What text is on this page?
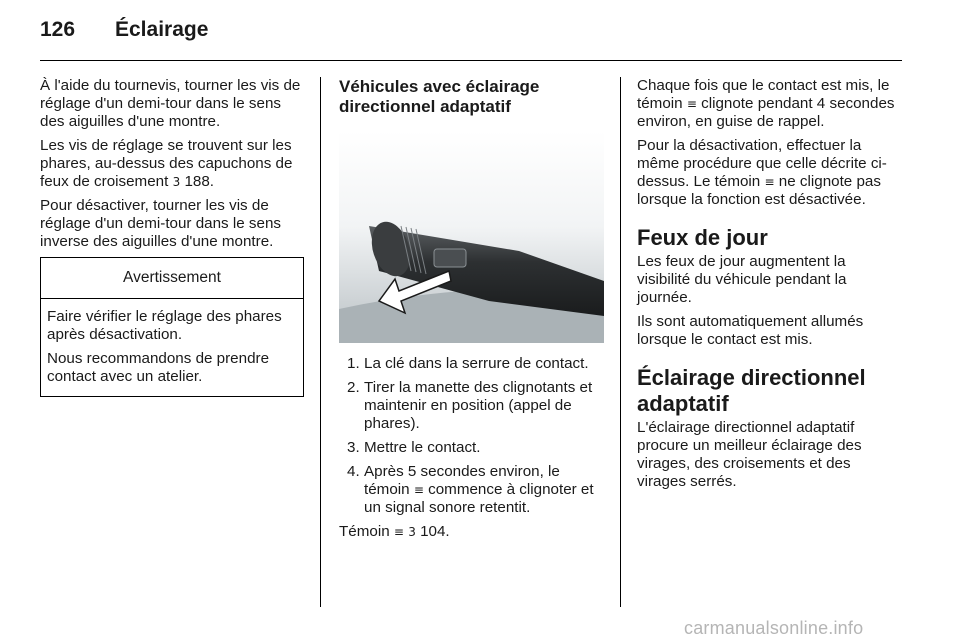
126 Éclairage

À l'aide du tournevis, tourner les vis de réglage d'un demi-tour dans le sens des aiguilles d'une montre.

Les vis de réglage se trouvent sur les phares, au-dessus des capuchons de feux de croisement 3 188.

Pour désactiver, tourner les vis de réglage d'un demi-tour dans le sens inverse des aiguilles d'une montre.

Avertissement

Faire vérifier le réglage des phares après désactivation.

Nous recommandons de prendre contact avec un atelier.

Véhicules avec éclairage directionnel adaptatif
1. La clé dans la serrure de contact.
2. Tirer la manette des clignotants et maintenir en position (appel de phares).
3. Mettre le contact.
4. Après 5 secondes environ, le témoin ≡ commence à clignoter et un signal sonore retentit.

Témoin ≡ 3 104.

Chaque fois que le contact est mis, le témoin ≡ clignote pendant 4 secondes environ, en guise de rappel.

Pour la désactivation, effectuer la même procédure que celle décrite ci-dessus. Le témoin ≡ ne clignote pas lorsque la fonction est désactivée.

Feux de jour

Les feux de jour augmentent la visibilité du véhicule pendant la journée.

Ils sont automatiquement allumés lorsque le contact est mis.

Éclairage directionnel adaptatif

L'éclairage directionnel adaptatif procure un meilleur éclairage des virages, des croisements et des virages serrés.

carmanualsonline.info
